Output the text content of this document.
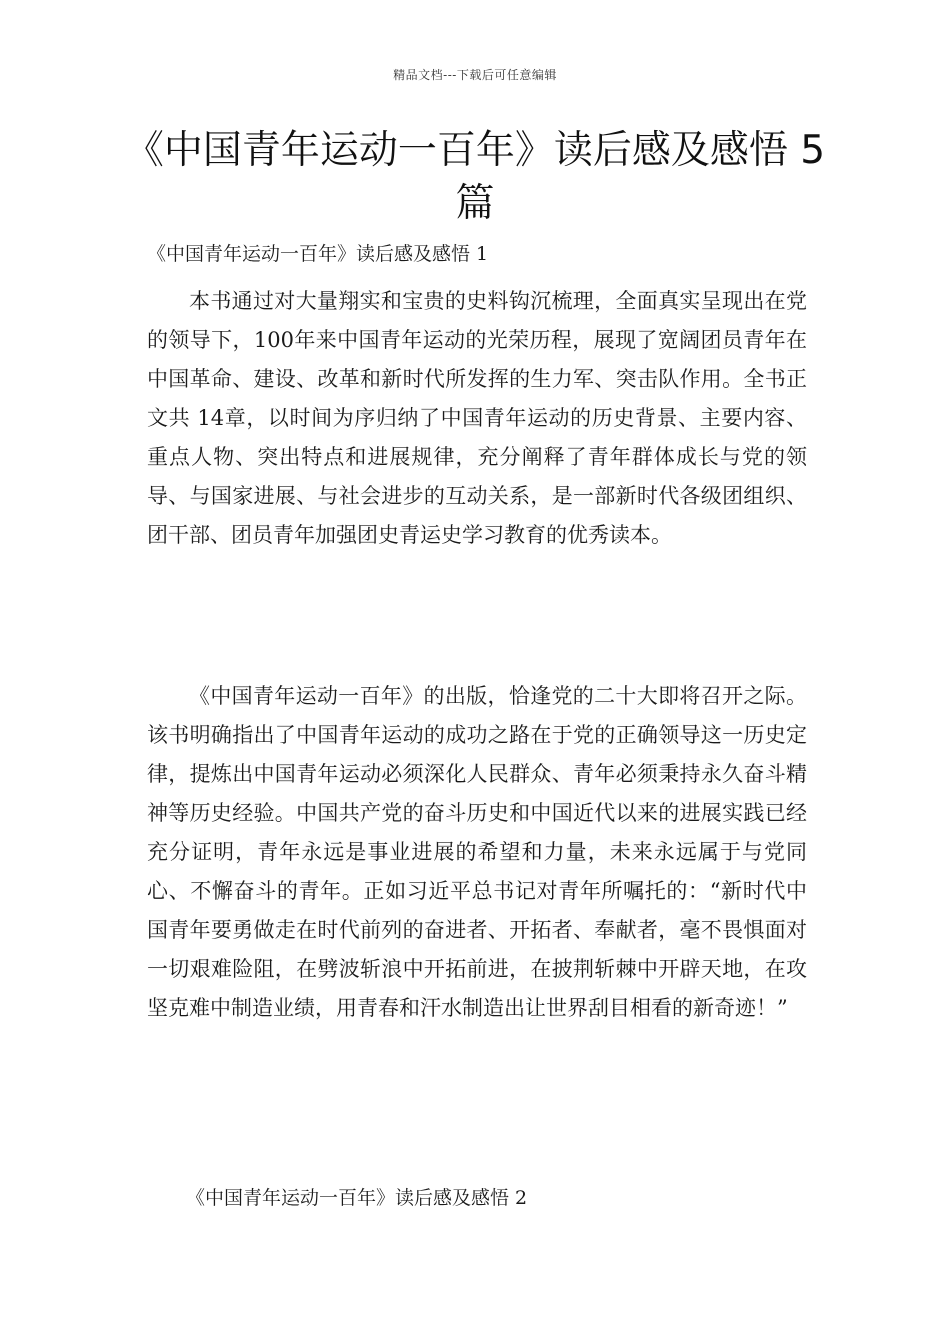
精品文档---下载后可任意编辑
《中国青年运动一百年》读后感及感悟 5篇
《中国青年运动一百年》读后感及感悟 1

本书通过对大量翔实和宝贵的史料钩沉梳理，全面真实呈现出在党的领导下，100年来中国青年运动的光荣历程，展现了宽阔团员青年在中国革命、建设、改革和新时代所发挥的生力军、突击队作用。全书正文共 14章，以时间为序归纳了中国青年运动的历史背景、主要内容、重点人物、突出特点和进展规律，充分阐释了青年群体成长与党的领导、与国家进展、与社会进步的互动关系，是一部新时代各级团组织、团干部、团员青年加强团史青运史学习教育的优秀读本。

《中国青年运动一百年》的出版，恰逢党的二十大即将召开之际。该书明确指出了中国青年运动的成功之路在于党的正确领导这一历史定律，提炼出中国青年运动必须深化人民群众、青年必须秉持永久奋斗精神等历史经验。中国共产党的奋斗历史和中国近代以来的进展实践已经充分证明，青年永远是事业进展的希望和力量，未来永远属于与党同心、不懈奋斗的青年。正如习近平总书记对青年所嘱托的：“新时代中国青年要勇做走在时代前列的奋进者、开拓者、奉献者，毫不畏惧面对一切艰难险阻，在劈波斩浪中开拓前进，在披荆斩棘中开辟天地，在攻坚克难中制造业绩，用青春和汗水制造出让世界刮目相看的新奇迹！”

《中国青年运动一百年》读后感及感悟 2
